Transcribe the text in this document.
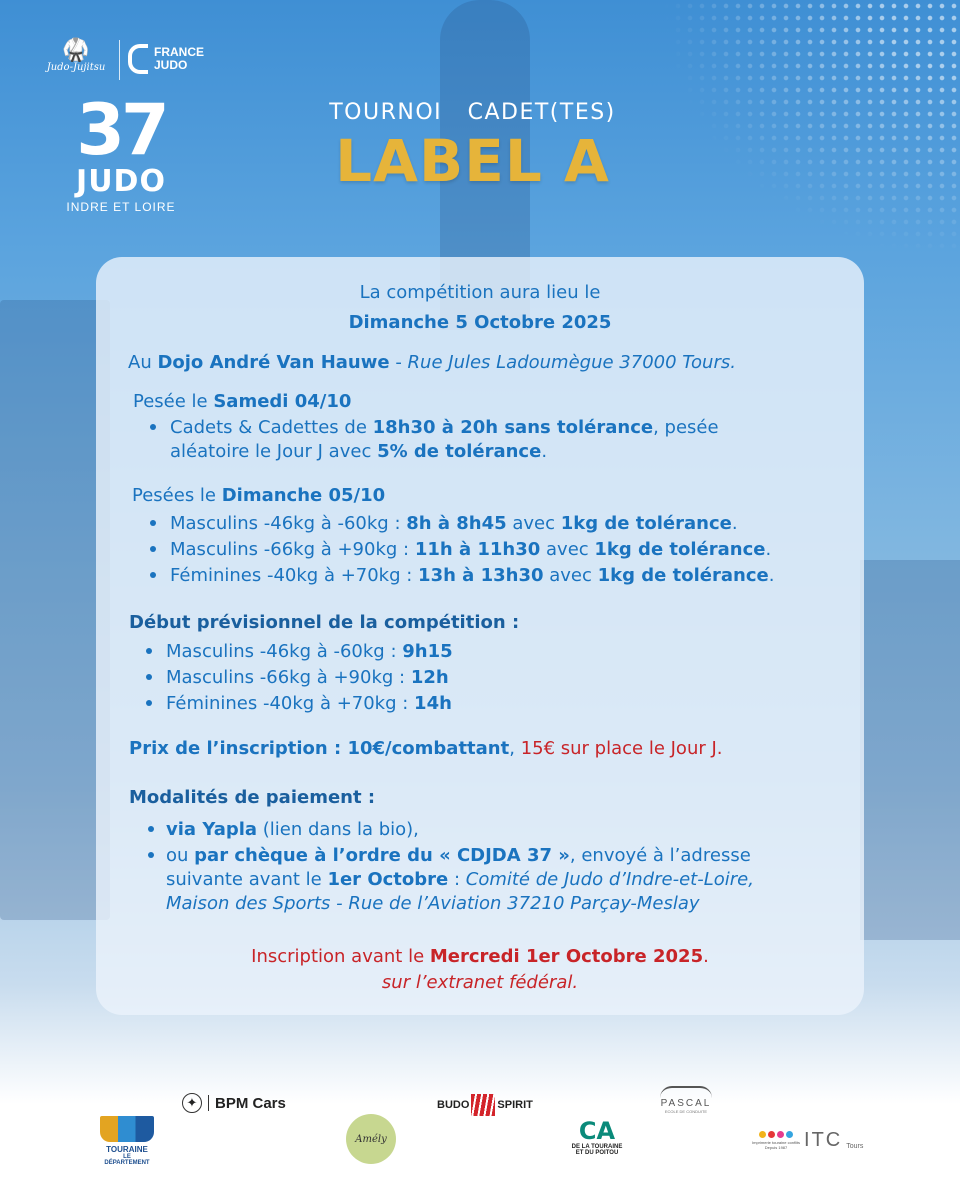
🥋
Judo-Jujitsu
FRANCE
JUDO
37
JUDO
INDRE ET LOIRE
TOURNOI   CADET(TES)
LABEL A
La compétition aura lieu le
Dimanche 5 Octobre 2025
Au Dojo André Van Hauwe - Rue Jules Ladoumègue 37000 Tours.
Pesée le Samedi 04/10
Cadets & Cadettes de 18h30 à 20h sans tolérance, pesée
aléatoire le Jour J avec 5% de tolérance.
Pesées le Dimanche 05/10
Masculins -46kg à -60kg : 8h à 8h45 avec 1kg de tolérance.
Masculins -66kg à +90kg : 11h à 11h30 avec 1kg de tolérance.
Féminines -40kg à +70kg : 13h à 13h30 avec 1kg de tolérance.
Début prévisionnel de la compétition :
Masculins -46kg à -60kg : 9h15
Masculins -66kg à +90kg : 12h
Féminines -40kg à +70kg : 14h
Prix de l’inscription : 10€/combattant, 15€ sur place le Jour J.
Modalités de paiement :
via Yapla (lien dans la bio),
ou par chèque à l’ordre du « CDJDA 37 », envoyé à l’adresse
suivante avant le 1er Octobre : Comité de Judo d’Indre-et-Loire,
Maison des Sports - Rue de l’Aviation 37210 Parçay-Meslay
Inscription avant le Mercredi 1er Octobre 2025.
sur l’extranet fédéral.
✦	BPM Cars	BUDO	SPIRIT	PASCAL
ECOLE DE CONDUITE
TOURAINE
LE DÉPARTEMENT
Amély	CA
DE LA TOURAINE
ET DU POITOU
Imprimerie touraine conflits
Depuis 1987 ITC Tours
